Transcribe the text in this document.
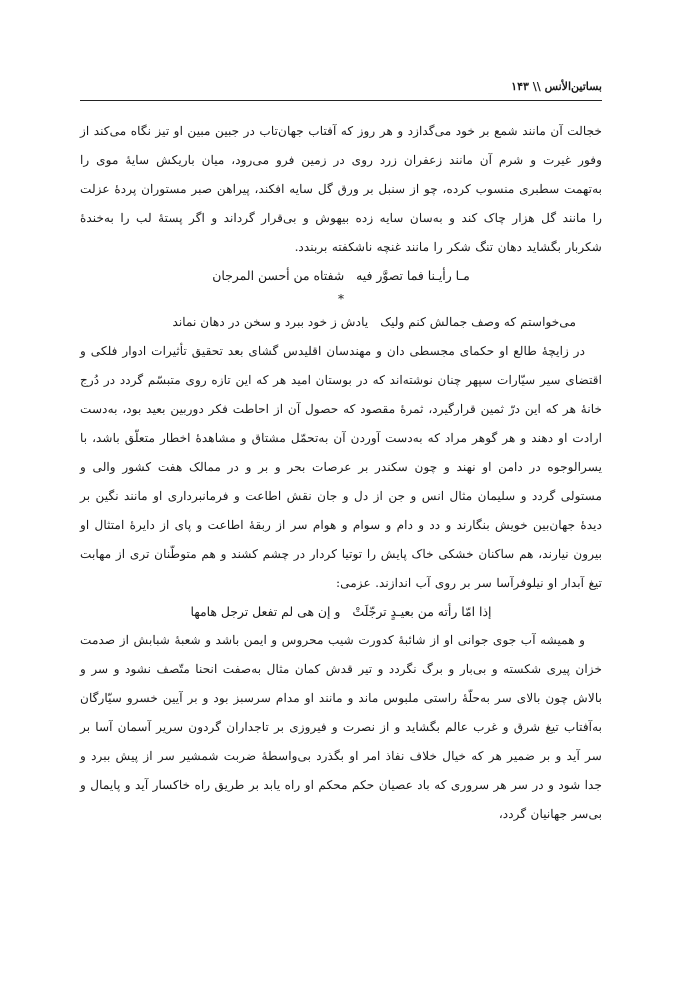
بساتين‌الأنس \\ ۱۴۳

خجالت آن مانند شمع بر خود می‌گدازد و هر روز که آفتاب جهان‌تاب در جبین مبین او تیز نگاه می‌کند از وفور غیرت و شرم آن مانند زعفران زرد روی در زمین فرو می‌رود، میان باریکش سایهٔ موی را به‌تهمت سطبری منسوب کرده، چو از سنبل بر ورق گل سایه افکند، پیراهن صبر مستوران پردهٔ عزلت را مانند گل هزار چاک کند و به‌سان سایه زده بیهوش و بی‌قرار گرداند و اگر پستهٔ لب را به‌خندهٔ شکربار بگشاید دهان تنگ شکر را مانند غنچه ناشکفته بربندد.

مـا رأيـنا فما تصوَّر فيهشفتاه من أحسن المرجان

*

می‌خواستم که وصف جمالش کنم ولیکیادش ز خود ببرد و سخن در دهان نماند

در زایچهٔ طالع او حکمای مجسطی دان و مهندسان اقلیدس گشای بعد تحقیق تأثیرات ادوار فلکی و اقتضای سیر سیّارات سپهر چنان نوشته‌اند که در بوستان امید هر که این تازه روی متبسّم گردد در دُرج خانهٔ هر که این درّ ثمین قرارگیرد، ثمرهٔ مقصود که حصول آن از احاطت فکر دوربین بعید بود، به‌دست ارادت او دهند و هر گوهر مراد که به‌دست آوردن آن به‌تحمّل مشتاق و مشاهدهٔ اخطار متعلّق باشد، با یسرالوجوه در دامن او نهند و چون سکندر بر عرصات بحر و بر و در ممالک هفت کشور والی و مستولی گردد و سلیمان مثال انس و جن از دل و جان نقش اطاعت و فرمانبرداری او مانند نگین بر دیدهٔ جهان‌بین خویش بنگارند و دد و دام و سوام و هوام سر از ربقهٔ اطاعت و پای از دایرهٔ امتثال او بیرون نیارند، هم ساکنان خشکی خاک پایش را توتیا کردار در چشم کشند و هم متوطّنان تری از مهابت تیغ آبدار او نیلوفرآسا سر بر روی آب اندازند. عزمی:

إذا امّا رأته من بعيـدٍ ترجّلَتْو إن هی لم تفعل ترجل هامها

و همیشه آب جوی جوانی او از شائبهٔ کدورت شیب محروس و ایمن باشد و شعبهٔ شبابش از صدمت خزان پیری شکسته و بی‌بار و برگ نگردد و تیر قدش کمان مثال به‌صفت انحنا متّصف نشود و سر و بالاش چون بالای سر به‌حلّهٔ راستی ملبوس ماند و مانند او مدام سرسبز بود و بر آیین خسرو سیّارگان به‌آفتاب تیغ شرق و غرب عالم بگشاید و از نصرت و فیروزی بر تاجداران گردون سریر آسمان آسا بر سر آید و بر ضمیر هر که خیال خلاف نفاذ امر او بگذرد بی‌واسطهٔ ضربت شمشیر سر از پیش ببرد و جدا شود و در سر هر سروری که باد عصیان حکم محکم او راه یابد بر طریق راه خاکسار آید و پایمال و بی‌سر جهانیان گردد،
